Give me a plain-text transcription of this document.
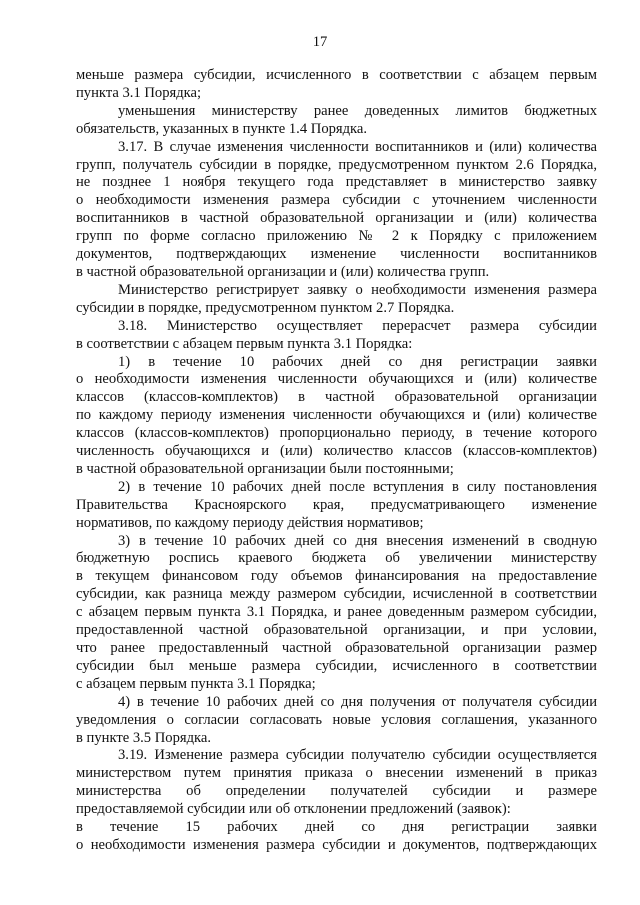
17

меньше размера субсидии, исчисленного в соответствии с абзацем первым

пункта 3.1 Порядка;

уменьшения министерству ранее доведенных лимитов бюджетных

обязательств, указанных в пункте 1.4 Порядка.

3.17. В случае изменения численности воспитанников и (или) количества

групп, получатель субсидии в порядке, предусмотренном пунктом 2.6 Порядка,

не позднее 1 ноября текущего года представляет в министерство заявку

о необходимости изменения размера субсидии с уточнением численности

воспитанников в частной образовательной организации и (или) количества

групп по форме согласно приложению № 2 к Порядку с приложением

документов, подтверждающих изменение численности воспитанников

в частной образовательной организации и (или) количества групп.

Министерство регистрирует заявку о необходимости изменения размера

субсидии в порядке, предусмотренном пунктом 2.7 Порядка.

3.18. Министерство осуществляет перерасчет размера субсидии

в соответствии с абзацем первым пункта 3.1 Порядка:

1) в течение 10 рабочих дней со дня регистрации заявки

о необходимости изменения численности обучающихся и (или) количестве

классов (классов-комплектов) в частной образовательной организации

по каждому периоду изменения численности обучающихся и (или) количестве

классов (классов-комплектов) пропорционально периоду, в течение которого

численность обучающихся и (или) количество классов (классов-комплектов)

в частной образовательной организации были постоянными;

2) в течение 10 рабочих дней после вступления в силу постановления

Правительства Красноярского края, предусматривающего изменение

нормативов, по каждому периоду действия нормативов;

3) в течение 10 рабочих дней со дня внесения изменений в сводную

бюджетную роспись краевого бюджета об увеличении министерству

в текущем финансовом году объемов финансирования на предоставление

субсидии, как разница между размером субсидии, исчисленной в соответствии

с абзацем первым пункта 3.1 Порядка, и ранее доведенным размером субсидии,

предоставленной частной образовательной организации, и при условии,

что ранее предоставленный частной образовательной организации размер

субсидии был меньше размера субсидии, исчисленного в соответствии

с абзацем первым пункта 3.1 Порядка;

4) в течение 10 рабочих дней со дня получения от получателя субсидии

уведомления о согласии согласовать новые условия соглашения, указанного

в пункте 3.5 Порядка.

3.19. Изменение размера субсидии получателю субсидии осуществляется

министерством путем принятия приказа о внесении изменений в приказ

министерства об определении получателей субсидии и размере

предоставляемой субсидии или об отклонении предложений (заявок):

в течение 15 рабочих дней со дня регистрации заявки

о необходимости изменения размера субсидии и документов, подтверждающих
